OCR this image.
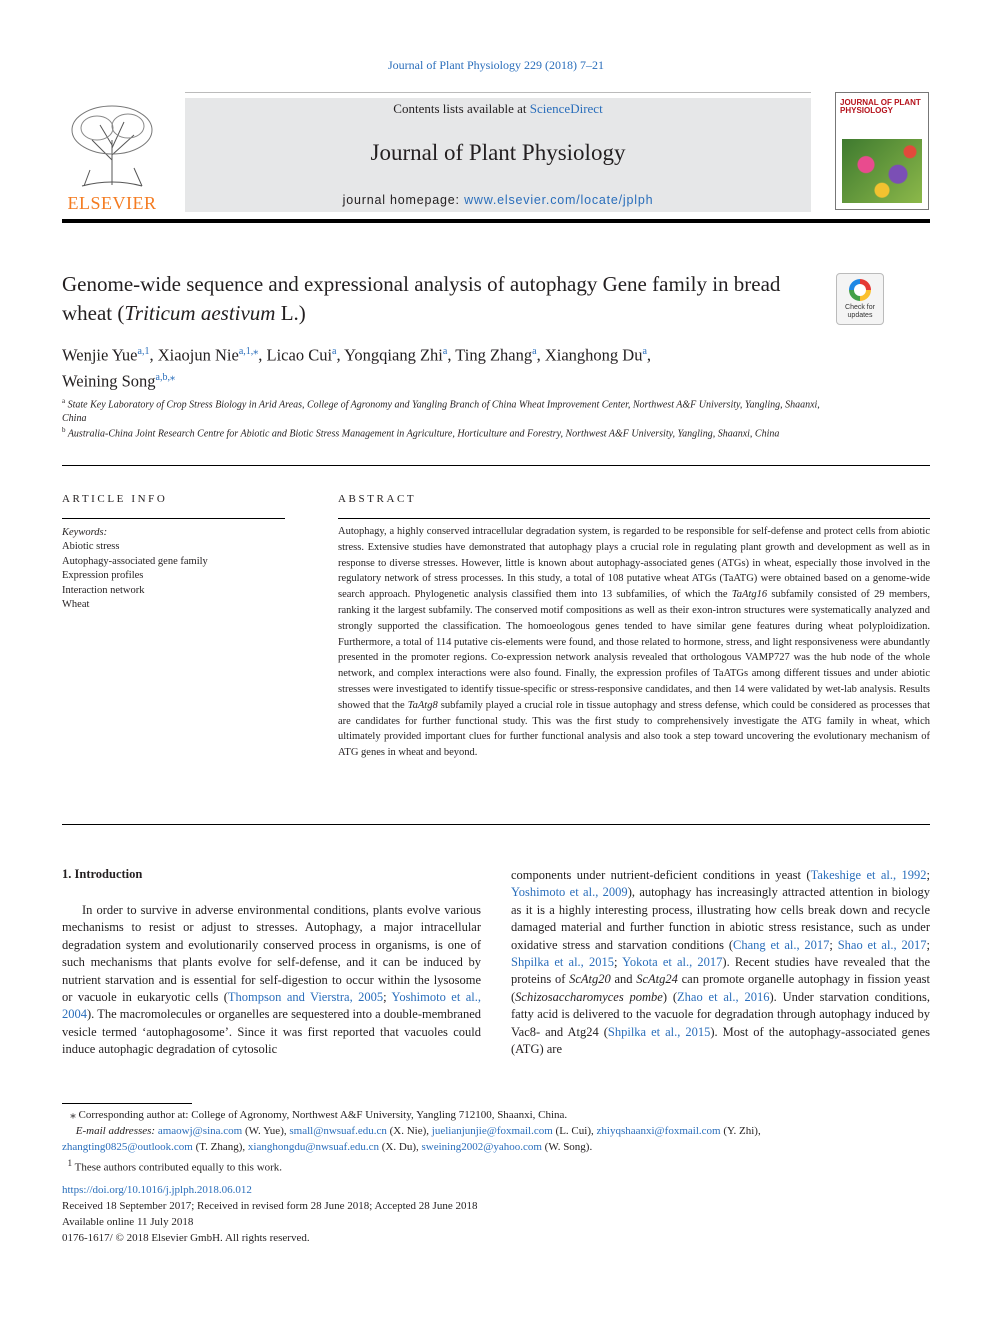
Journal of Plant Physiology 229 (2018) 7–21
ELSEVIER
Contents lists available at ScienceDirect
Journal of Plant Physiology
journal homepage: www.elsevier.com/locate/jplph
JOURNAL OF PLANT PHYSIOLOGY
Genome-wide sequence and expressional analysis of autophagy Gene family in bread wheat (Triticum aestivum L.)	Check for updates
Wenjie Yue$^{a,1}$, Xiaojun Nie$^{a,1,⁎}$, Licao Cui$^a$, Yongqiang Zhi$^a$, Ting Zhang$^a$, Xianghong Du$^a$,
Weining Song$^{a,b,⁎}$
$^a$ State Key Laboratory of Crop Stress Biology in Arid Areas, College of Agronomy and Yangling Branch of China Wheat Improvement Center, Northwest A&F University, Yangling, Shaanxi, China
$^b$ Australia-China Joint Research Centre for Abiotic and Biotic Stress Management in Agriculture, Horticulture and Forestry, Northwest A&F University, Yangling, Shaanxi, China
ARTICLE INFO	ABSTRACT
Keywords:
Abiotic stress
Autophagy-associated gene family
Expression profiles
Interaction network
Wheat
Autophagy, a highly conserved intracellular degradation system, is regarded to be responsible for self-defense and protect cells from abiotic stress. Extensive studies have demonstrated that autophagy plays a crucial role in regulating plant growth and development as well as in response to diverse stresses. However, little is known about autophagy-associated genes (ATGs) in wheat, especially those involved in the regulatory network of stress processes. In this study, a total of 108 putative wheat ATGs (TaATG) were obtained based on a genome-wide search approach. Phylogenetic analysis classified them into 13 subfamilies, of which the TaAtg16 subfamily consisted of 29 members, ranking it the largest subfamily. The conserved motif compositions as well as their exon-intron structures were systematically analyzed and strongly supported the classification. The homoeologous genes tended to have similar gene features during wheat polyploidization. Furthermore, a total of 114 putative cis-elements were found, and those related to hormone, stress, and light responsiveness were abundantly presented in the promoter regions. Co-expression network analysis revealed that orthologous VAMP727 was the hub node of the whole network, and complex interactions were also found. Finally, the expression profiles of TaATGs among different tissues and under abiotic stresses were investigated to identify tissue-specific or stress-responsive candidates, and then 14 were validated by wet-lab analysis. Results showed that the TaAtg8 subfamily played a crucial role in tissue autophagy and stress defense, which could be considered as processes that are candidates for further functional study. This was the first study to comprehensively investigate the ATG family in wheat, which ultimately provided important clues for further functional analysis and also took a step toward uncovering the evolutionary mechanism of ATG genes in wheat and beyond.
1. Introduction

In order to survive in adverse environmental conditions, plants evolve various mechanisms to resist or adjust to stresses. Autophagy, a major intracellular degradation system and evolutionarily conserved process in organisms, is one of such mechanisms that plants evolve for self-defense, and it can be induced by nutrient starvation and is essential for self-digestion to occur within the lysosome or vacuole in eukaryotic cells (Thompson and Vierstra, 2005; Yoshimoto et al., 2004). The macromolecules or organelles are sequestered into a double-membraned vesicle termed ‘autophagosome’. Since it was first reported that vacuoles could induce autophagic degradation of cytosolic

components under nutrient-deficient conditions in yeast (Takeshige et al., 1992; Yoshimoto et al., 2009), autophagy has increasingly attracted attention in biology as it is a highly interesting process, illustrating how cells break down and recycle damaged material and further function in abiotic stress resistance, such as under oxidative stress and starvation conditions (Chang et al., 2017; Shao et al., 2017; Shpilka et al., 2015; Yokota et al., 2017). Recent studies have revealed that the proteins of ScAtg20 and ScAtg24 can promote organelle autophagy in fission yeast (Schizosaccharomyces pombe) (Zhao et al., 2016). Under starvation conditions, fatty acid is delivered to the vacuole for degradation through autophagy induced by Vac8- and Atg24 (Shpilka et al., 2015). Most of the autophagy-associated genes (ATG) are

⁎ Corresponding author at: College of Agronomy, Northwest A&F University, Yangling 712100, Shaanxi, China.
E-mail addresses: amaowj@sina.com (W. Yue), small@nwsuaf.edu.cn (X. Nie), juelianjunjie@foxmail.com (L. Cui), zhiyqshaanxi@foxmail.com (Y. Zhi),
zhangting0825@outlook.com (T. Zhang), xianghongdu@nwsuaf.edu.cn (X. Du), sweining2002@yahoo.com (W. Song).
$^1$ These authors contributed equally to this work.
https://doi.org/10.1016/j.jplph.2018.06.012
Received 18 September 2017; Received in revised form 28 June 2018; Accepted 28 June 2018
Available online 11 July 2018
0176-1617/ © 2018 Elsevier GmbH. All rights reserved.
